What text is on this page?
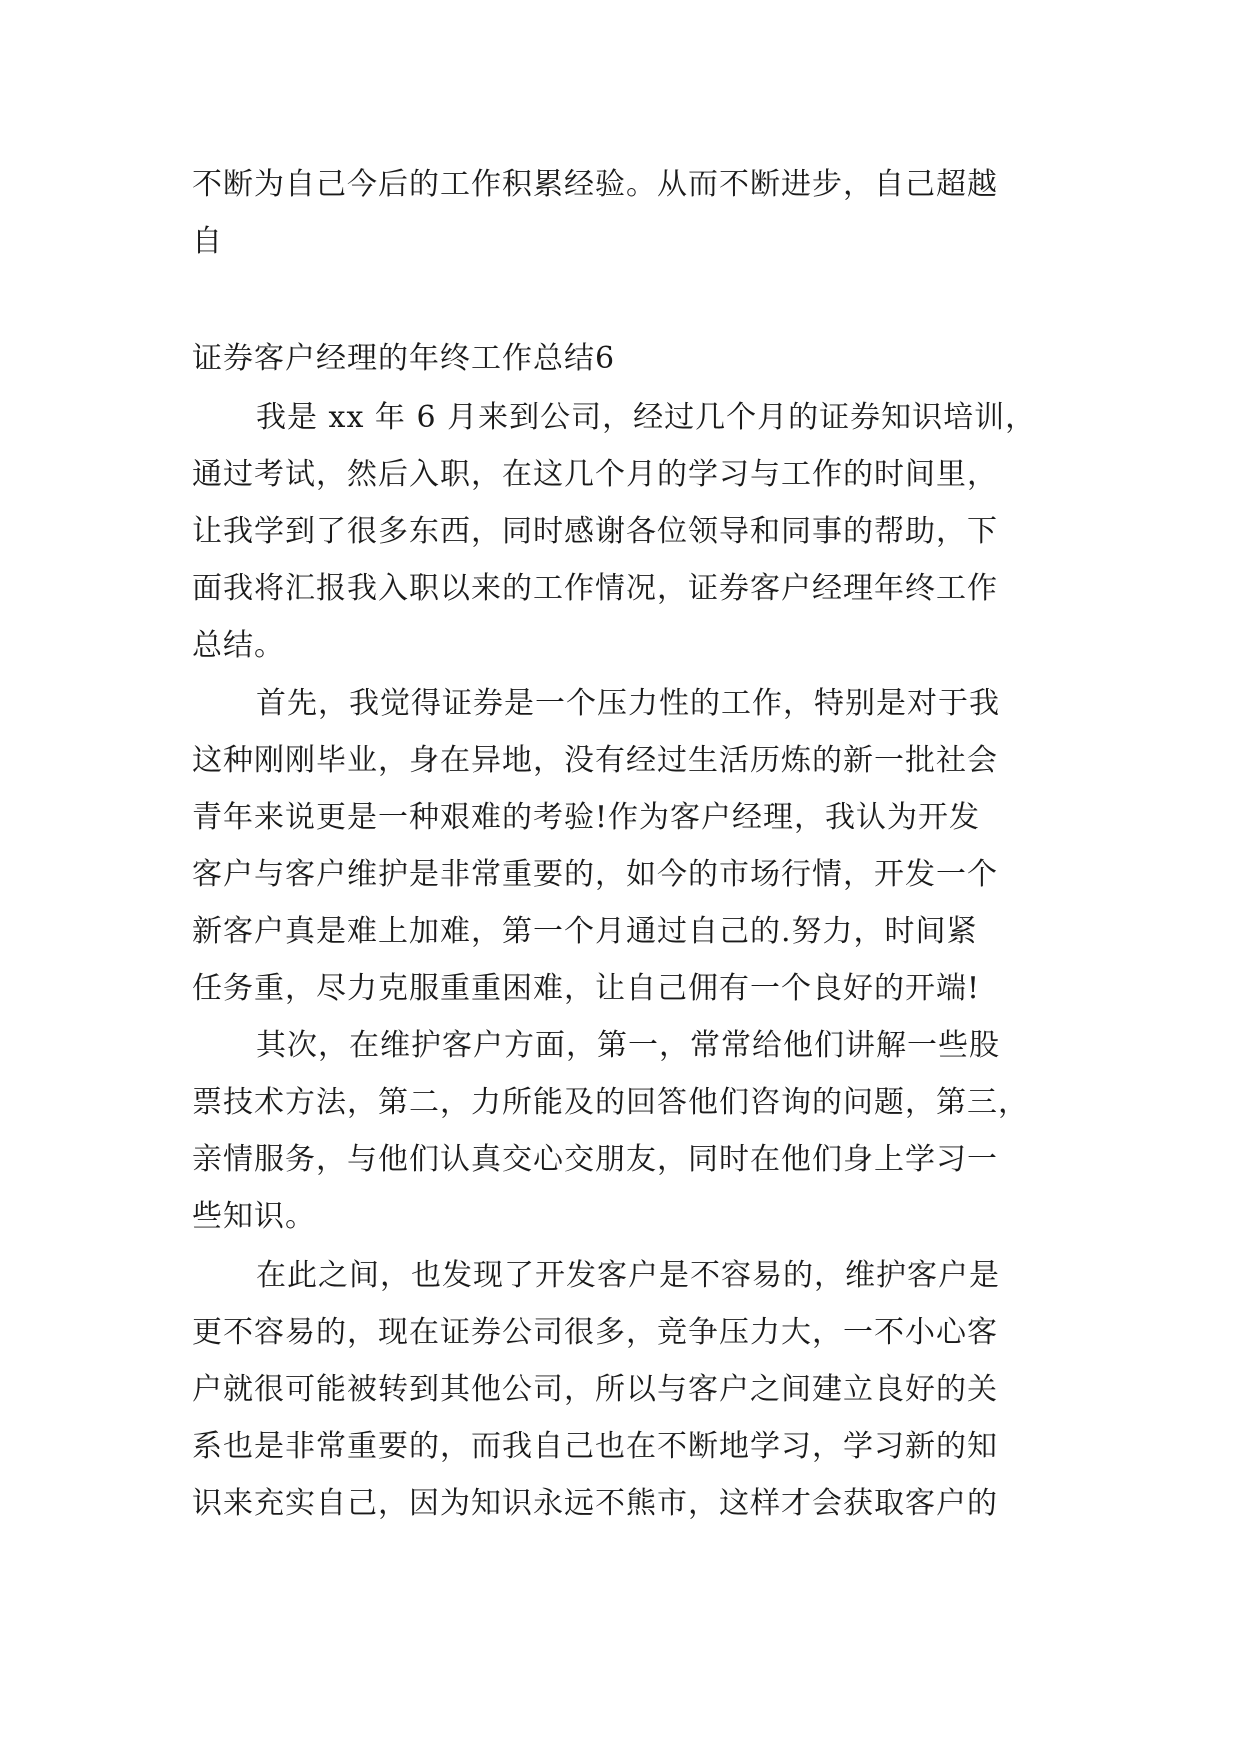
不断为自己今后的工作积累经验。从而不断进步，自己超越
自
证券客户经理的年终工作总结6
我是 xx 年 6 月来到公司，经过几个月的证券知识培训，
通过考试，然后入职，在这几个月的学习与工作的时间里，
让我学到了很多东西，同时感谢各位领导和同事的帮助，下
面我将汇报我入职以来的工作情况，证券客户经理年终工作
总结。
首先，我觉得证券是一个压力性的工作，特别是对于我
这种刚刚毕业，身在异地，没有经过生活历炼的新一批社会
青年来说更是一种艰难的考验!作为客户经理，我认为开发
客户与客户维护是非常重要的，如今的市场行情，开发一个
新客户真是难上加难，第一个月通过自己的.努力，时间紧
任务重，尽力克服重重困难，让自己佣有一个良好的开端!
其次，在维护客户方面，第一，常常给他们讲解一些股
票技术方法，第二，力所能及的回答他们咨询的问题，第三，
亲情服务，与他们认真交心交朋友，同时在他们身上学习一
些知识。
在此之间，也发现了开发客户是不容易的，维护客户是
更不容易的，现在证券公司很多，竞争压力大，一不小心客
户就很可能被转到其他公司，所以与客户之间建立良好的关
系也是非常重要的，而我自己也在不断地学习，学习新的知
识来充实自己，因为知识永远不熊市，这样才会获取客户的
